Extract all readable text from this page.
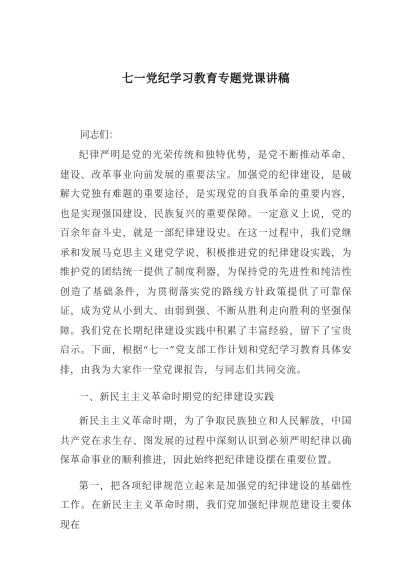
七一党纪学习教育专题党课讲稿

同志们：

纪律严明是党的光荣传统和独特优势，是党不断推动革命、建设、改革事业向前发展的重要法宝。加强党的纪律建设，是破解大党独有难题的重要途径，是实现党的自我革命的重要内容，也是实现强国建设、民族复兴的重要保障。一定意义上说，党的百余年奋斗史，就是一部纪律建设史。在这一过程中，我们党继承和发展马克思主义建党学说，积极推进党的纪律建设实践，为维护党的团结统一提供了制度利器，为保持党的先进性和纯洁性创造了基础条件，为贯彻落实党的路线方针政策提供了可靠保证，成为党从小到大、由弱到强、不断从胜利走向胜利的坚强保障。我们党在长期纪律建设实践中积累了丰富经验，留下了宝贵启示。下面，根据“七一”党支部工作计划和党纪学习教育具体安排，由我为大家作一堂党课报告，与同志们共同交流。

一、新民主主义革命时期党的纪律建设实践

新民主主义革命时期，为了争取民族独立和人民解放，中国共产党在求生存、图发展的过程中深刻认识到必须严明纪律以确保革命事业的顺利推进，因此始终把纪律建设摆在重要位置。

第一，把各项纪律规范立起来是加强党的纪律建设的基础性工作。在新民主主义革命时期，我们党加强纪律规范建设主要体现在
